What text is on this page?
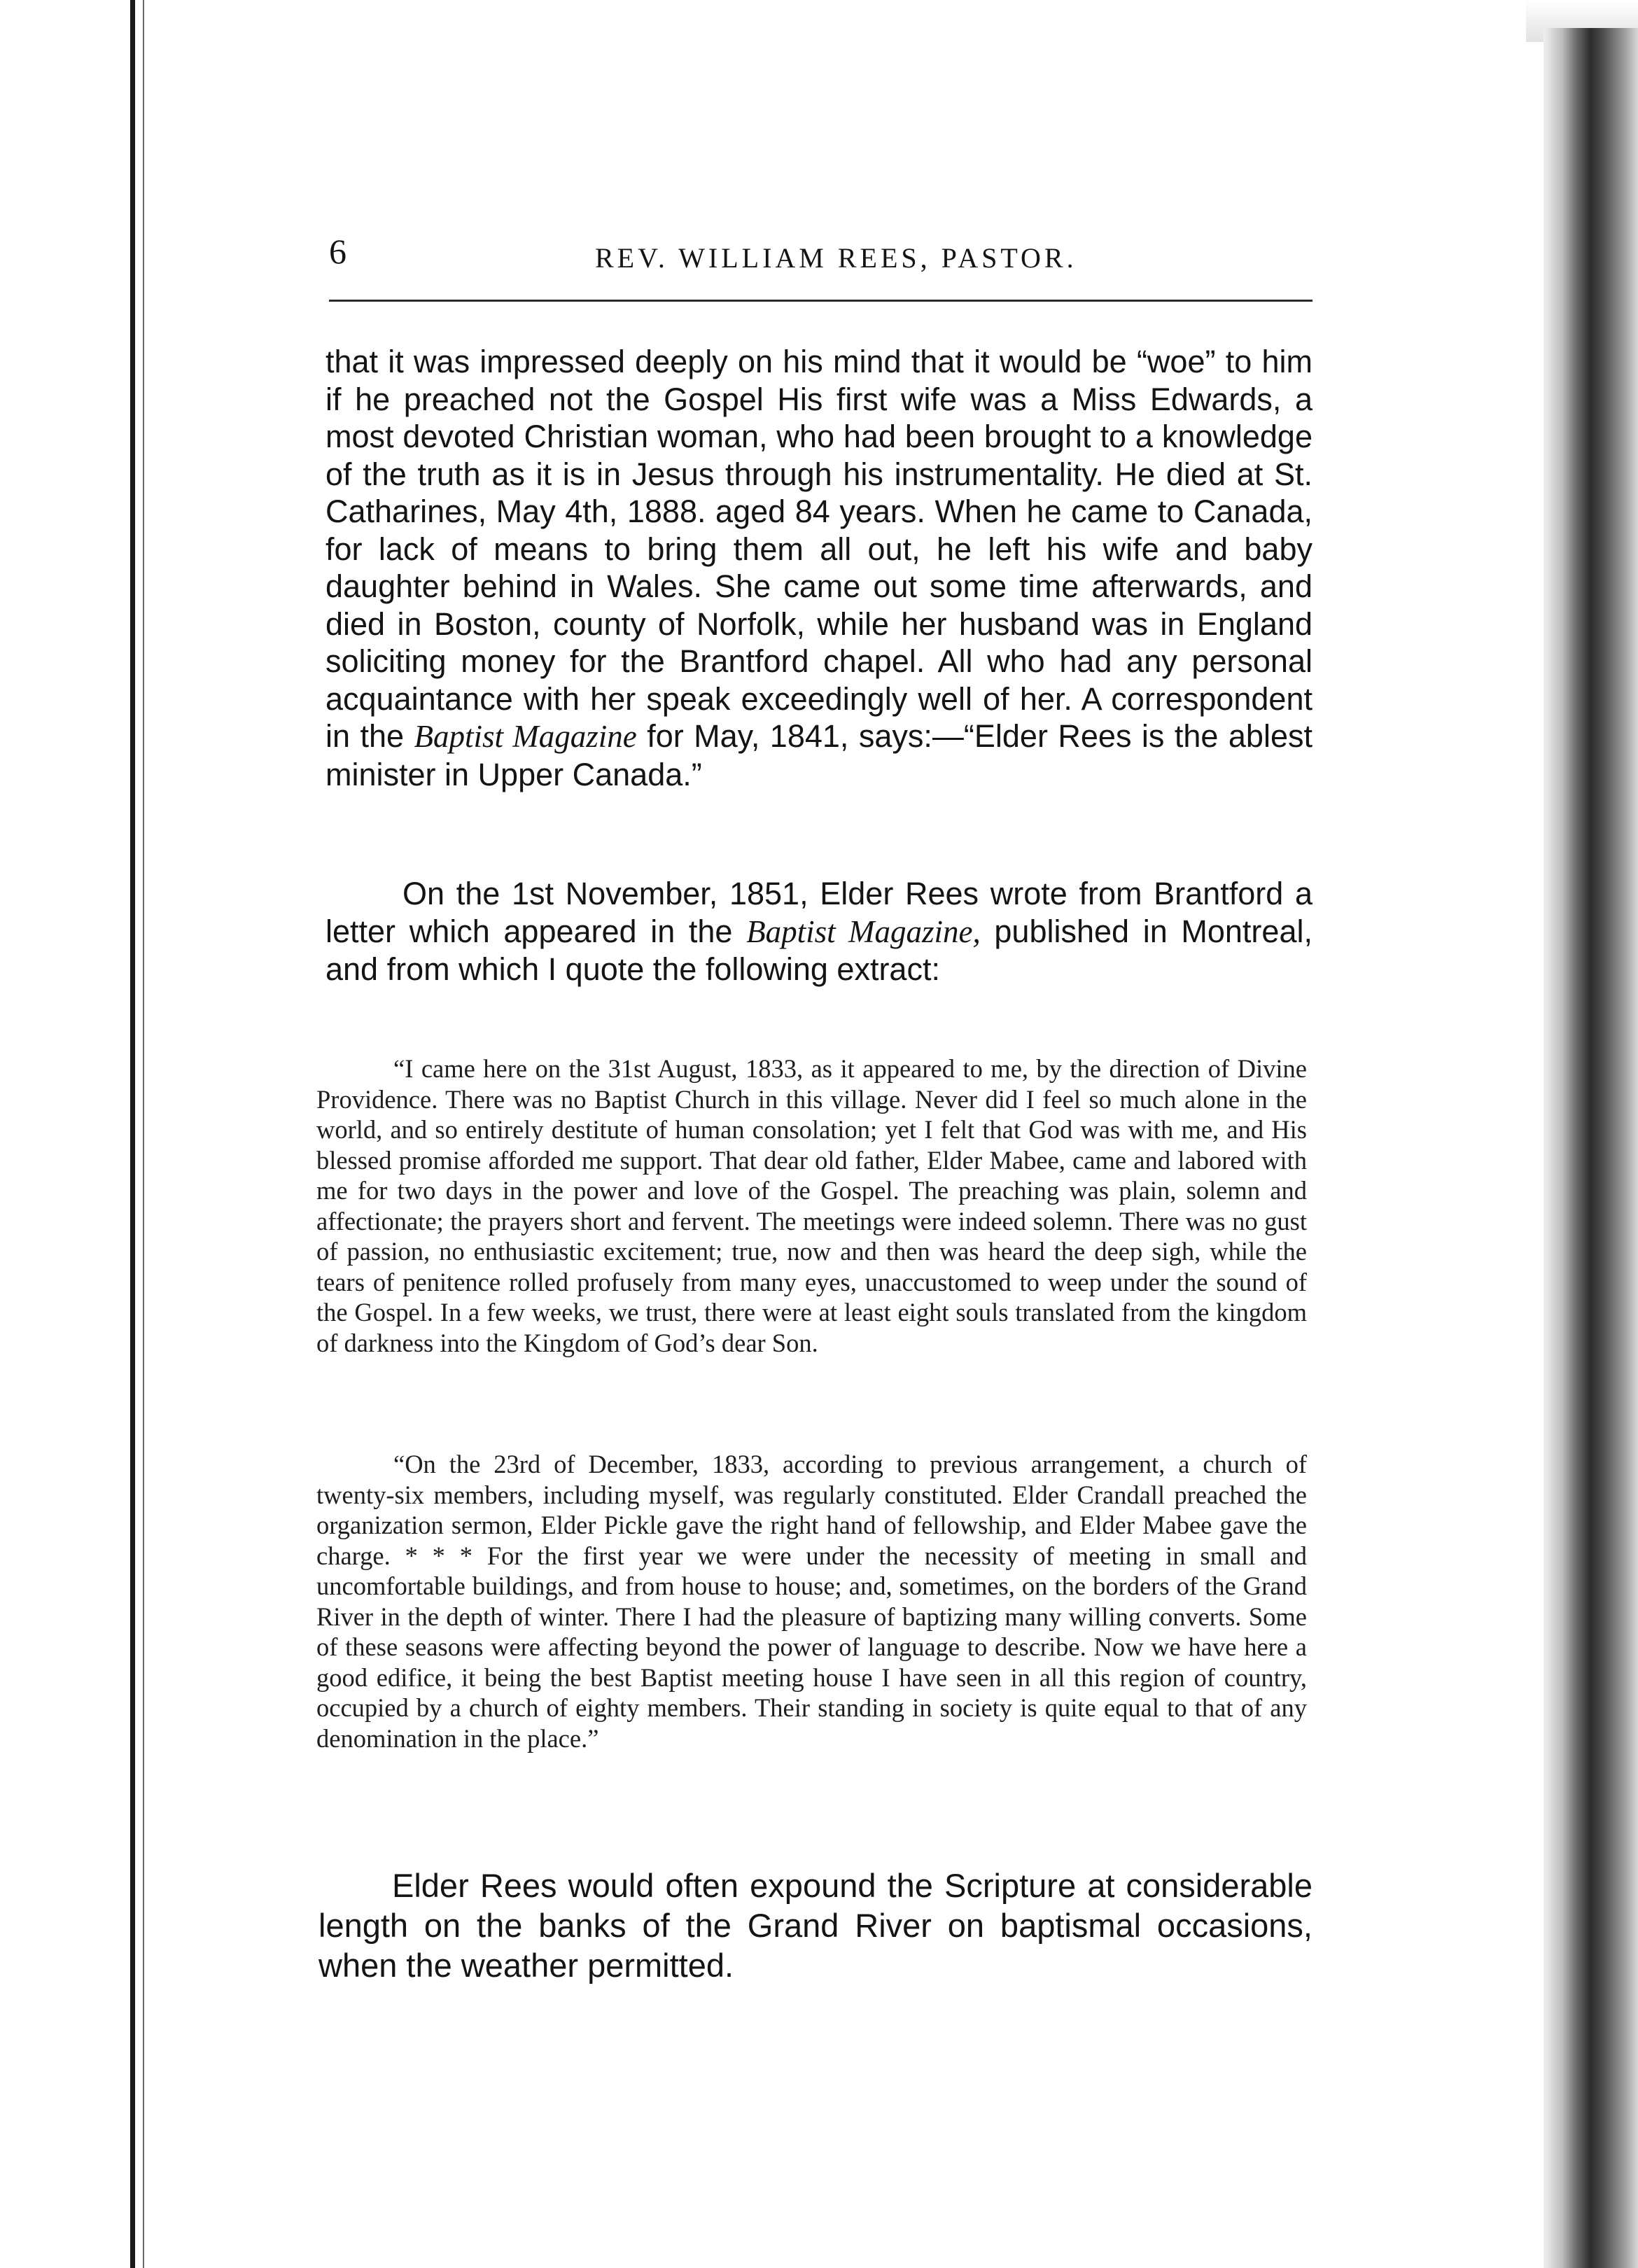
6	REV. WILLIAM REES, PASTOR.
that it was impressed deeply on his mind that it would be “woe” to him if he preached not the Gospel His first wife was a Miss Edwards, a most devoted Christian woman, who had been brought to a knowledge of the truth as it is in Jesus through his instrumentality. He died at St. Catharines, May 4th, 1888. aged 84 years. When he came to Canada, for lack of means to bring them all out, he left his wife and baby daughter behind in Wales. She came out some time afterwards, and died in Boston, county of Norfolk, while her husband was in England soliciting money for the Brantford chapel. All who had any personal acquaintance with her speak exceedingly well of her. A correspondent in the Baptist Magazine for May, 1841, says:—“Elder Rees is the ablest minister in Upper Canada.”
On the 1st November, 1851, Elder Rees wrote from Brantford a letter which appeared in the Baptist Magazine, published in Montreal, and from which I quote the following extract:
“I came here on the 31st August, 1833, as it appeared to me, by the direction of Divine Providence. There was no Baptist Church in this village. Never did I feel so much alone in the world, and so entirely destitute of human consolation; yet I felt that God was with me, and His blessed promise afforded me support. That dear old father, Elder Mabee, came and labored with me for two days in the power and love of the Gospel. The preaching was plain, solemn and affectionate; the prayers short and fervent. The meetings were indeed solemn. There was no gust of passion, no enthusiastic excitement; true, now and then was heard the deep sigh, while the tears of penitence rolled profusely from many eyes, unaccustomed to weep under the sound of the Gospel. In a few weeks, we trust, there were at least eight souls translated from the kingdom of darkness into the Kingdom of God’s dear Son.
“On the 23rd of December, 1833, according to previous arrangement, a church of twenty-six members, including myself, was regularly constituted. Elder Crandall preached the organization sermon, Elder Pickle gave the right hand of fellowship, and Elder Mabee gave the charge. * * * For the first year we were under the necessity of meeting in small and uncomfortable buildings, and from house to house; and, sometimes, on the borders of the Grand River in the depth of winter. There I had the pleasure of baptizing many willing converts. Some of these seasons were affecting beyond the power of language to describe. Now we have here a good edifice, it being the best Baptist meeting house I have seen in all this region of country, occupied by a church of eighty members. Their standing in society is quite equal to that of any denomination in the place.”
Elder Rees would often expound the Scripture at considerable length on the banks of the Grand River on baptismal occasions, when the weather permitted.
